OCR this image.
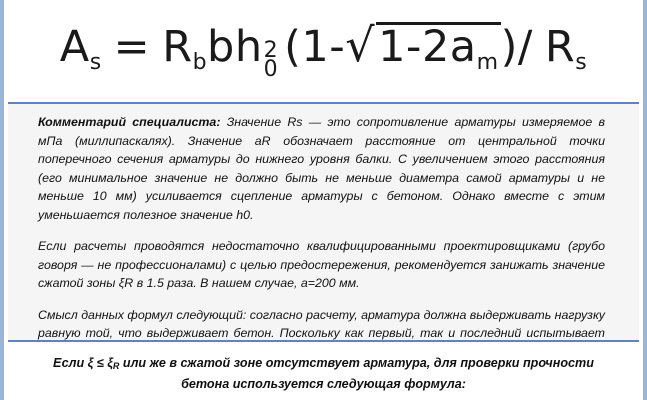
$A_s = R_b$ bh 2
0 (1- √ $1-2a_m$ )/ $R_s$

Комментарий специалиста: Значение Rs — это сопротивление арматуры измеряемое в мПа (миллипаскалях). Значение aR обозначает расстояние от центральной точки поперечного сечения арматуры до нижнего уровня балки. С увеличением этого расстояния (его минимальное значение не должно быть не меньше диаметра самой арматуры и не меньше 10 мм) усиливается сцепление арматуры с бетоном. Однако вместе с этим уменьшается полезное значение h0.

Если расчеты проводятся недостаточно квалифицированными проектировщиками (грубо говоря — не профессионалами) с целью предостережения, рекомендуется занижать значение сжатой зоны ξR в 1.5 раза. В нашем случае, a=200 мм.

Смысл данных формул следующий: согласно расчету, арматура должна выдерживать нагрузку равную той, что выдерживает бетон. Поскольку как первый, так и последний испытывает

Если ξ ≤ ξR или же в сжатой зоне отсутствует арматура, для проверки прочности
бетона используется следующая формула:
